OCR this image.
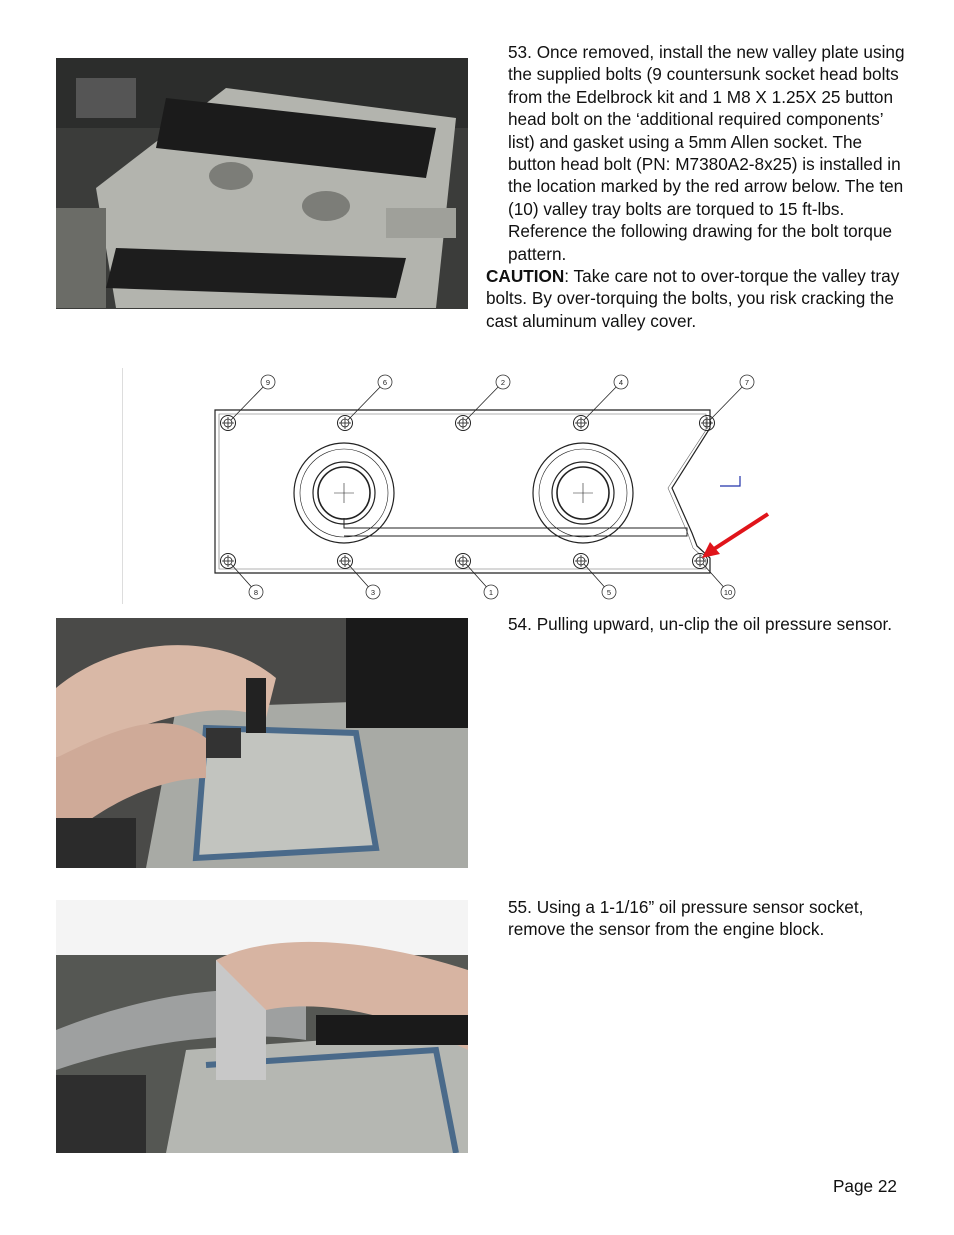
53. Once removed, install the new valley plate using the supplied bolts (9 countersunk socket head bolts from the Edelbrock kit and 1 M8 X 1.25X 25 button head bolt on the ‘additional required components’ list) and gasket using a 5mm Allen socket. The button head bolt (PN: M7380A2-8x25) is installed in the location marked by the red arrow below. The ten (10) valley tray bolts are torqued to 15 ft-lbs. Reference the following drawing for the bolt torque pattern.

CAUTION: Take care not to over-torque the valley tray bolts. By over-torquing the bolts, you risk cracking the cast aluminum valley cover.

9	6	2	4	7
8	3	1	5	10

54. Pulling upward, un-clip the oil pressure sensor.

55. Using a 1-1/16” oil pressure sensor socket, remove the sensor from the engine block.

Page 22
